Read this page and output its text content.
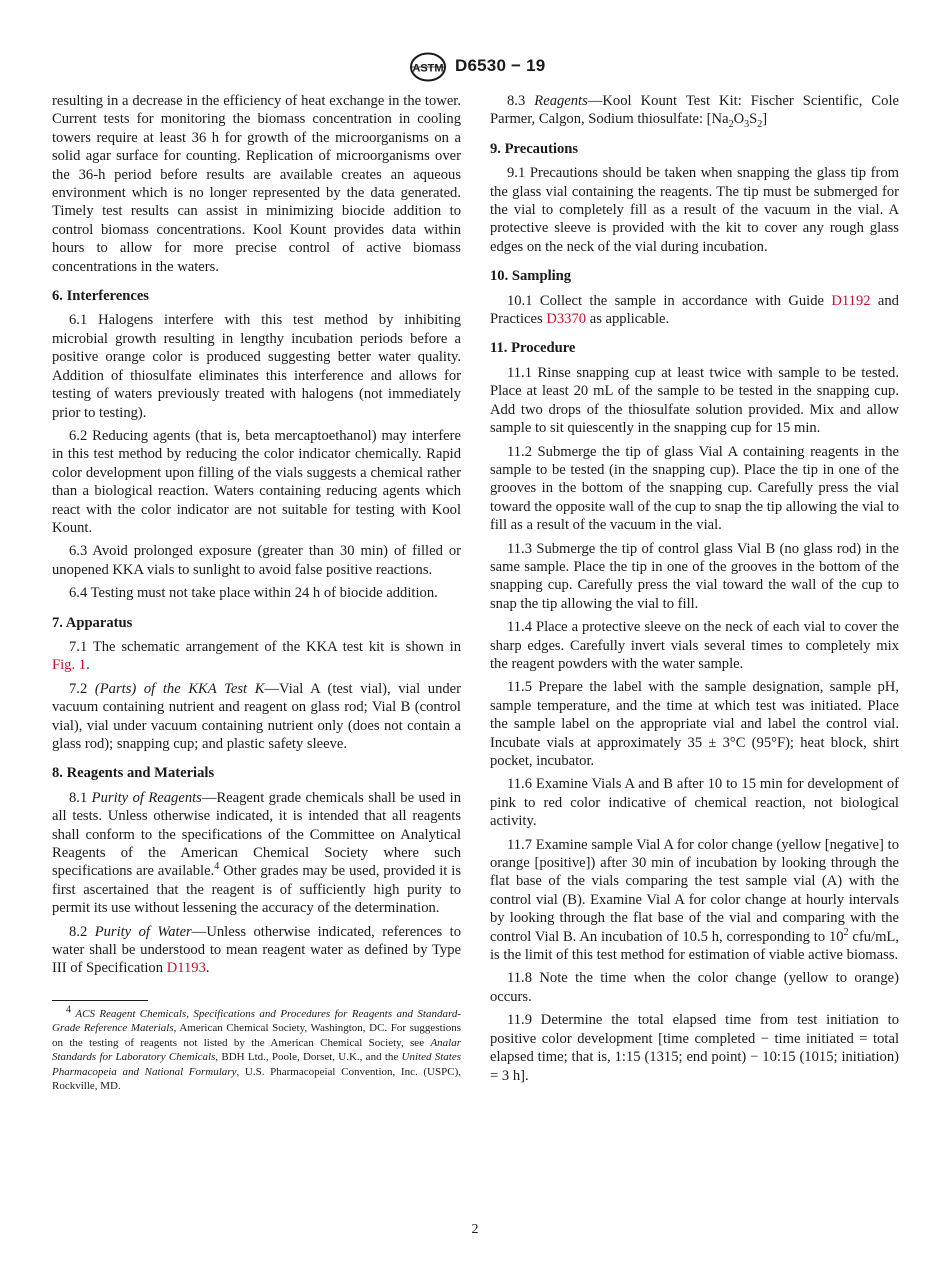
ASTM D6530 − 19

resulting in a decrease in the efficiency of heat exchange in the tower. Current tests for monitoring the biomass concentration in cooling towers require at least 36 h for growth of the microorganisms on a solid agar surface for counting. Replication of microorganisms over the 36-h period before results are available creates an aqueous environment which is no longer represented by the data generated. Timely test results can assist in minimizing biocide addition to control biomass concentrations. Kool Kount provides data within hours to allow for more precise control of active biomass concentrations in the waters.

6. Interferences

6.1 Halogens interfere with this test method by inhibiting microbial growth resulting in lengthy incubation periods before a positive orange color is produced suggesting better water quality. Addition of thiosulfate eliminates this interference and allows for testing of waters previously treated with halogens (not immediately prior to testing).

6.2 Reducing agents (that is, beta mercaptoethanol) may interfere in this test method by reducing the color indicator chemically. Rapid color development upon filling of the vials suggests a chemical rather than a biological reaction. Waters containing reducing agents which react with the color indicator are not suitable for testing with Kool Kount.

6.3 Avoid prolonged exposure (greater than 30 min) of filled or unopened KKA vials to sunlight to avoid false positive reactions.

6.4 Testing must not take place within 24 h of biocide addition.

7. Apparatus

7.1 The schematic arrangement of the KKA test kit is shown in Fig. 1.

7.2 (Parts) of the KKA Test K—Vial A (test vial), vial under vacuum containing nutrient and reagent on glass rod; Vial B (control vial), vial under vacuum containing nutrient only (does not contain a glass rod); snapping cup; and plastic safety sleeve.

8. Reagents and Materials

8.1 Purity of Reagents—Reagent grade chemicals shall be used in all tests. Unless otherwise indicated, it is intended that all reagents shall conform to the specifications of the Committee on Analytical Reagents of the American Chemical Society where such specifications are available.$^4$ Other grades may be used, provided it is first ascertained that the reagent is of sufficiently high purity to permit its use without lessening the accuracy of the determination.

8.2 Purity of Water—Unless otherwise indicated, references to water shall be understood to mean reagent water as defined by Type III of Specification D1193.

$^4$ ACS Reagent Chemicals, Specifications and Procedures for Reagents and Standard-Grade Reference Materials, American Chemical Society, Washington, DC. For suggestions on the testing of reagents not listed by the American Chemical Society, see Analar Standards for Laboratory Chemicals, BDH Ltd., Poole, Dorset, U.K., and the United States Pharmacopeia and National Formulary, U.S. Pharmacopeial Convention, Inc. (USPC), Rockville, MD.

8.3 Reagents—Kool Kount Test Kit: Fischer Scientific, Cole Parmer, Calgon, Sodium thiosulfate: $[Na_2O_3S_2]$

9. Precautions

9.1 Precautions should be taken when snapping the glass tip from the glass vial containing the reagents. The tip must be submerged for the vial to completely fill as a result of the vacuum in the vial. A protective sleeve is provided with the kit to cover any rough glass edges on the neck of the vial during incubation.

10. Sampling

10.1 Collect the sample in accordance with Guide D1192 and Practices D3370 as applicable.

11. Procedure

11.1 Rinse snapping cup at least twice with sample to be tested. Place at least 20 mL of the sample to be tested in the snapping cup. Add two drops of the thiosulfate solution provided. Mix and allow sample to sit quiescently in the snapping cup for 15 min.

11.2 Submerge the tip of glass Vial A containing reagents in the sample to be tested (in the snapping cup). Place the tip in one of the grooves in the bottom of the snapping cup. Carefully press the vial toward the opposite wall of the cup to snap the tip allowing the vial to fill as a result of the vacuum in the vial.

11.3 Submerge the tip of control glass Vial B (no glass rod) in the same sample. Place the tip in one of the grooves in the bottom of the snapping cup. Carefully press the vial toward the wall of the cup to snap the tip allowing the vial to fill.

11.4 Place a protective sleeve on the neck of each vial to cover the sharp edges. Carefully invert vials several times to completely mix the reagent powders with the water sample.

11.5 Prepare the label with the sample designation, sample pH, sample temperature, and the time at which test was initiated. Place the sample label on the appropriate vial and label the control vial. Incubate vials at approximately 35 ± 3°C (95°F); heat block, shirt pocket, incubator.

11.6 Examine Vials A and B after 10 to 15 min for development of pink to red color indicative of chemical reaction, not biological activity.

11.7 Examine sample Vial A for color change (yellow [negative] to orange [positive]) after 30 min of incubation by looking through the flat base of the vials comparing the test sample vial (A) with the control vial (B). Examine Vial A for color change at hourly intervals by looking through the flat base of the vial and comparing with the control Vial B. An incubation of 10.5 h, corresponding to $10^2$ cfu/mL, is the limit of this test method for estimation of viable active biomass.

11.8 Note the time when the color change (yellow to orange) occurs.

11.9 Determine the total elapsed time from test initiation to positive color development [time completed − time initiated = total elapsed time; that is, 1:15 (1315; end point) − 10:15 (1015; initiation) = 3 h].

2
